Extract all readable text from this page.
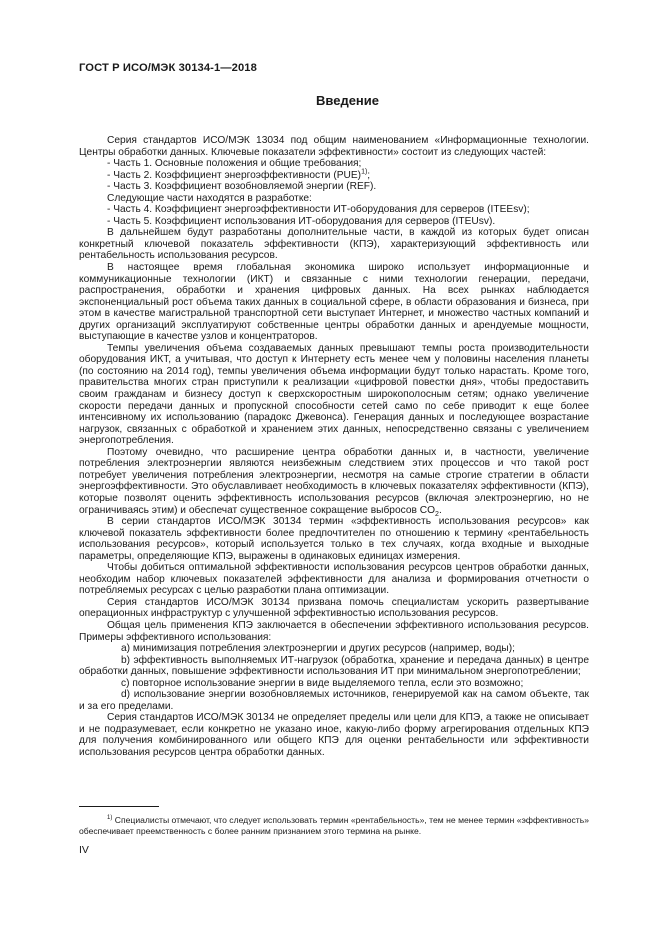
ГОСТ Р ИСО/МЭК 30134-1—2018
Введение

Серия стандартов ИСО/МЭК 13034 под общим наименованием «Информационные технологии. Центры обработки данных. Ключевые показатели эффективности» состоит из следующих частей:

- Часть 1. Основные положения и общие требования;

- Часть 2. Коэффициент энергоэффективности (PUE)$^{1)}$;

- Часть 3. Коэффициент возобновляемой энергии (REF).

Следующие части находятся в разработке:

- Часть 4. Коэффициент энергоэффективности ИТ-оборудования для серверов (ITEEsv);

- Часть 5. Коэффициент использования ИТ-оборудования для серверов (ITEUsv).

В дальнейшем будут разработаны дополнительные части, в каждой из которых будет описан конкретный ключевой показатель эффективности (КПЭ), характеризующий эффективность или рентабельность использования ресурсов.

В настоящее время глобальная экономика широко использует информационные и коммуникационные технологии (ИКТ) и связанные с ними технологии генерации, передачи, распространения, обработки и хранения цифровых данных. На всех рынках наблюдается экспоненциальный рост объема таких данных в социальной сфере, в области образования и бизнеса, при этом в качестве магистральной транспортной сети выступает Интернет, и множество частных компаний и других организаций эксплуатируют собственные центры обработки данных и арендуемые мощности, выступающие в качестве узлов и концентраторов.

Темпы увеличения объема создаваемых данных превышают темпы роста производительности оборудования ИКТ, а учитывая, что доступ к Интернету есть менее чем у половины населения планеты (по состоянию на 2014 год), темпы увеличения объема информации будут только нарастать. Кроме того, правительства многих стран приступили к реализации «цифровой повестки дня», чтобы предоставить своим гражданам и бизнесу доступ к сверхскоростным широкополосным сетям; однако увеличение скорости передачи данных и пропускной способности сетей само по себе приводит к еще более интенсивному их использованию (парадокс Джевонса). Генерация данных и последующее возрастание нагрузок, связанных с обработкой и хранением этих данных, непосредственно связаны с увеличением энергопотребления.

Поэтому очевидно, что расширение центра обработки данных и, в частности, увеличение потребления электроэнергии являются неизбежным следствием этих процессов и что такой рост потребует увеличения потребления электроэнергии, несмотря на самые строгие стратегии в области энергоэффективности. Это обуславливает необходимость в ключевых показателях эффективности (КПЭ), которые позволят оценить эффективность использования ресурсов (включая электроэнергию, но не ограничиваясь этим) и обеспечат существенное сокращение выбросов $CO_2$.

В серии стандартов ИСО/МЭК 30134 термин «эффективность использования ресурсов» как ключевой показатель эффективности более предпочтителен по отношению к термину «рентабельность использования ресурсов», который используется только в тех случаях, когда входные и выходные параметры, определяющие КПЭ, выражены в одинаковых единицах измерения.

Чтобы добиться оптимальной эффективности использования ресурсов центров обработки данных, необходим набор ключевых показателей эффективности для анализа и формирования отчетности о потребляемых ресурсах с целью разработки плана оптимизации.

Серия стандартов ИСО/МЭК 30134 призвана помочь специалистам ускорить развертывание операционных инфраструктур с улучшенной эффективностью использования ресурсов.

Общая цель применения КПЭ заключается в обеспечении эффективного использования ресурсов. Примеры эффективного использования:

a) минимизация потребления электроэнергии и других ресурсов (например, воды);

b) эффективность выполняемых ИТ-нагрузок (обработка, хранение и передача данных) в центре обработки данных, повышение эффективности использования ИТ при минимальном энергопотреблении;

c) повторное использование энергии в виде выделяемого тепла, если это возможно;

d) использование энергии возобновляемых источников, генерируемой как на самом объекте, так и за его пределами.

Серия стандартов ИСО/МЭК 30134 не определяет пределы или цели для КПЭ, а также не описывает и не подразумевает, если конкретно не указано иное, какую-либо форму агрегирования отдельных КПЭ для получения комбинированного или общего КПЭ для оценки рентабельности или эффективности использования ресурсов центра обработки данных.

$^{1)}$ Специалисты отмечают, что следует использовать термин «рентабельность», тем не менее термин «эффективность» обеспечивает преемственность с более ранним признанием этого термина на рынке.
IV
